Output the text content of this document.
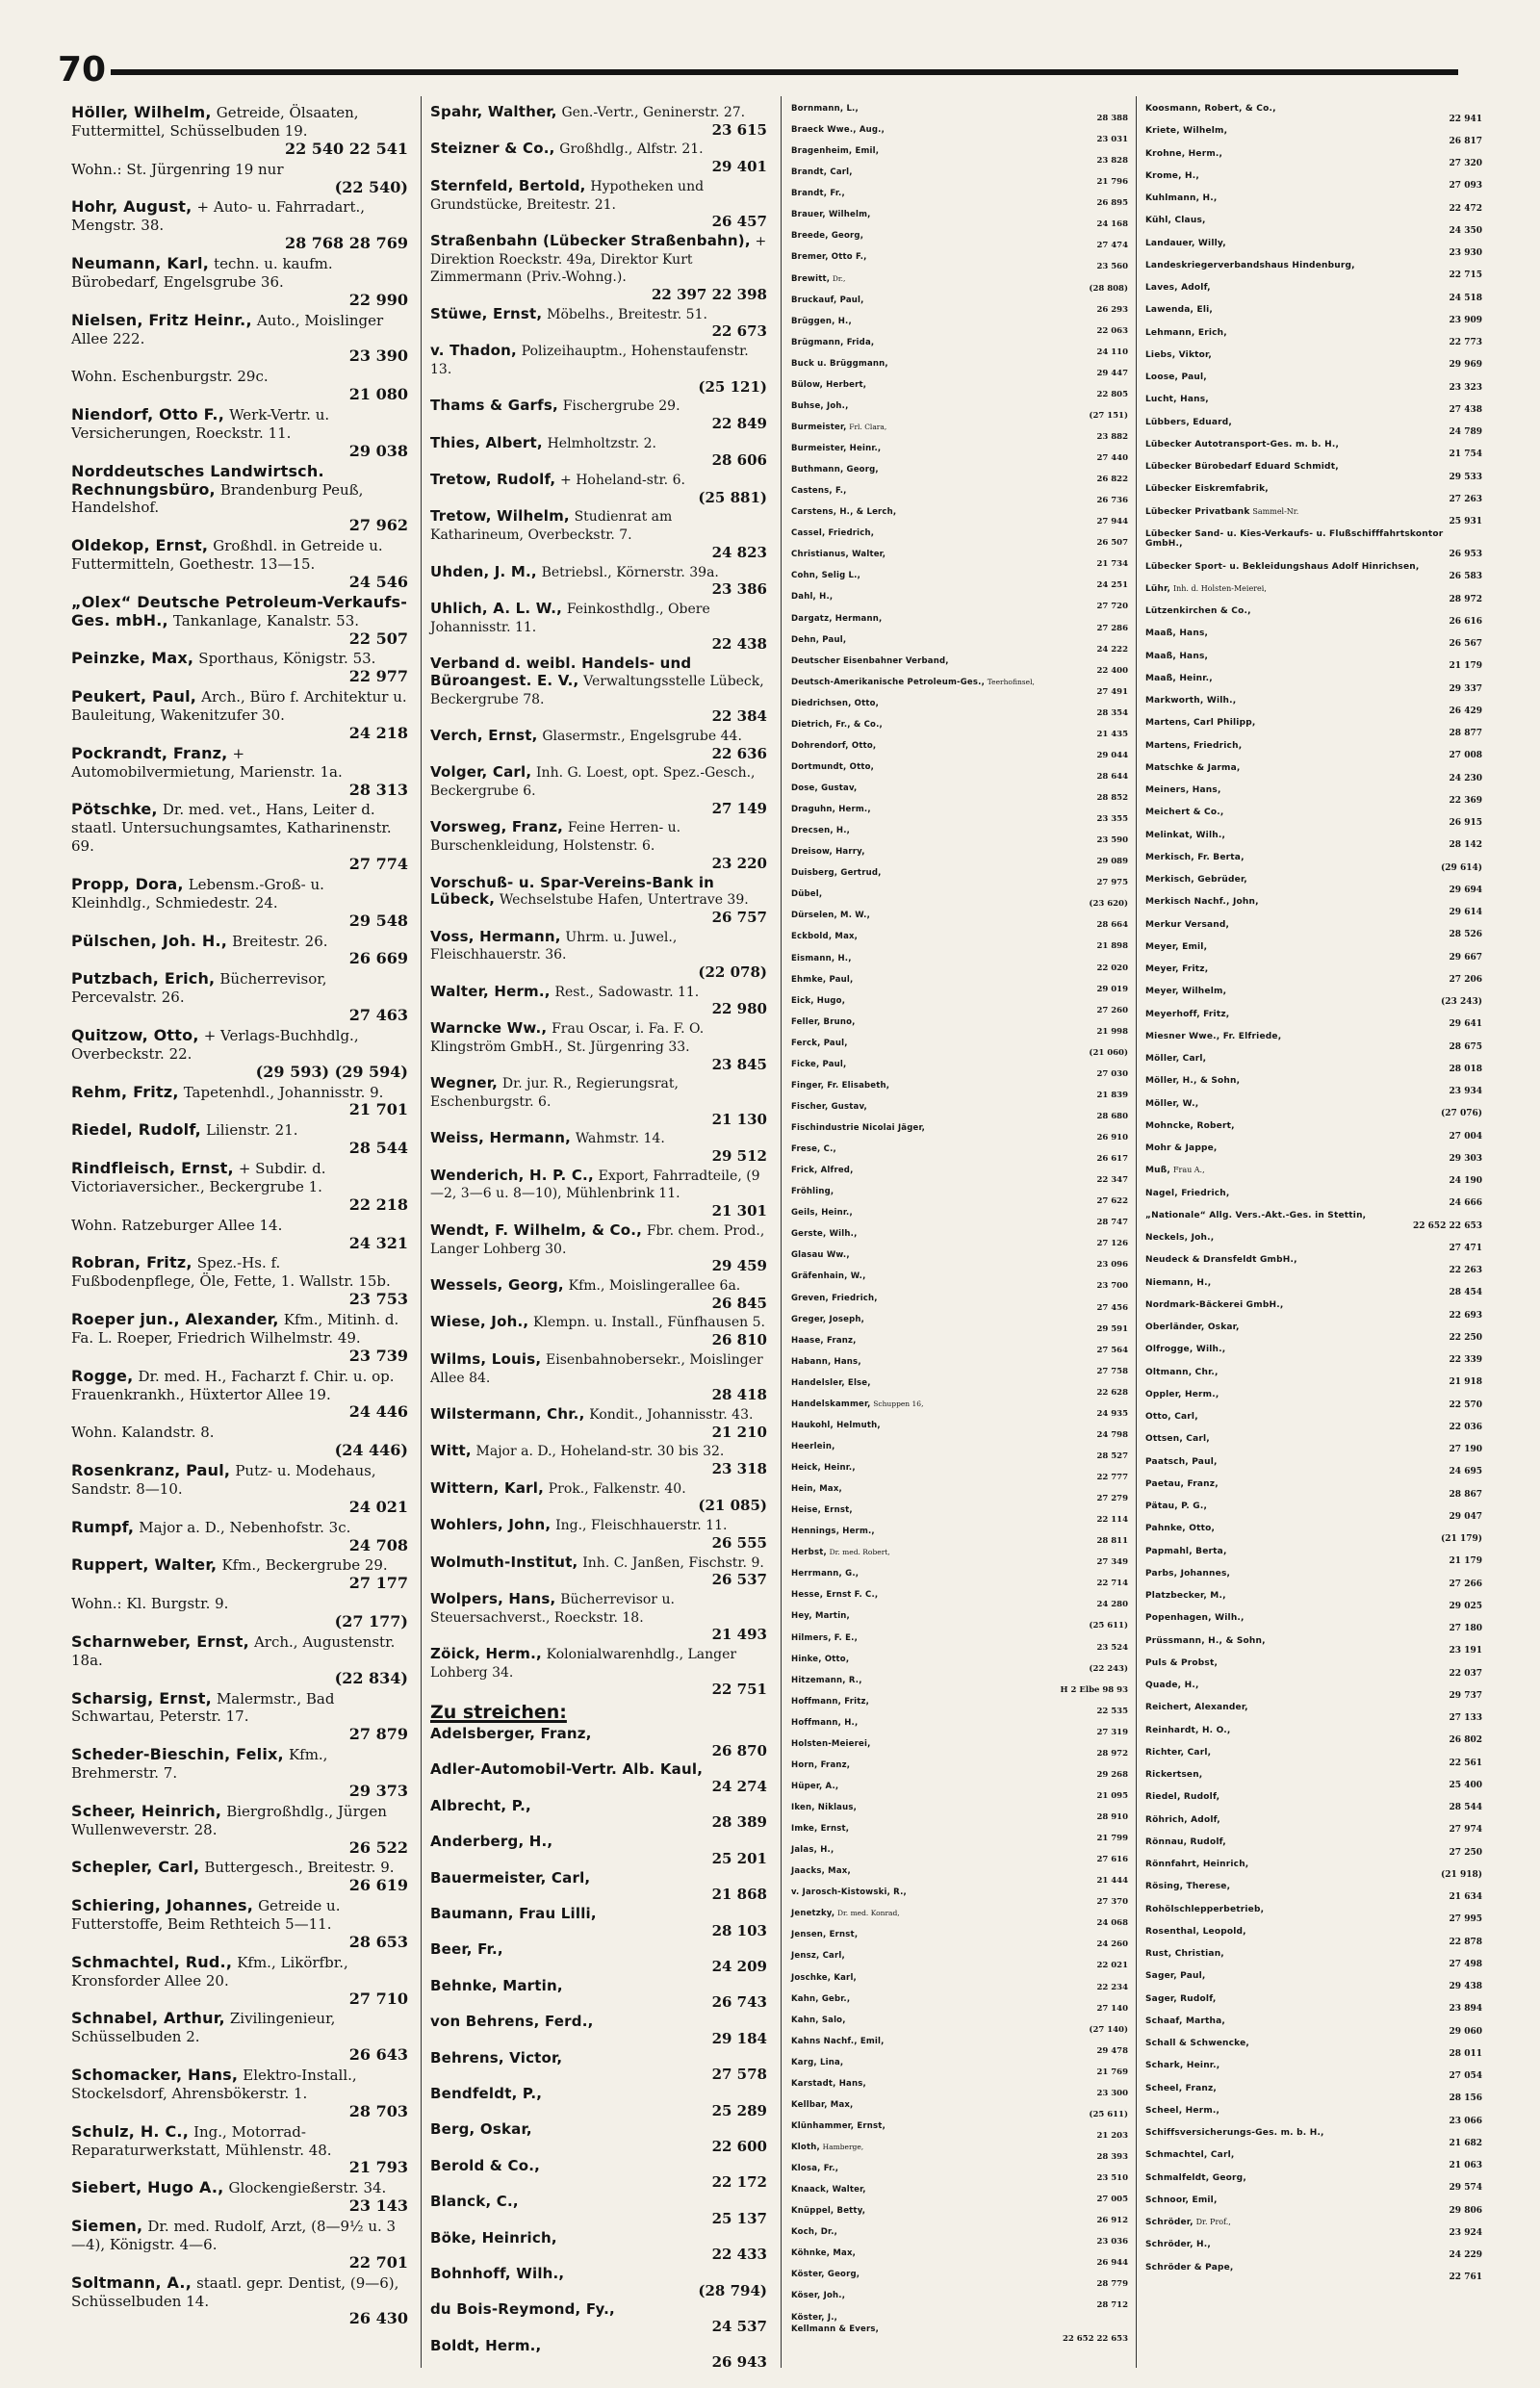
70
Höller, Wilhelm, Getreide, Ölsaaten, Futtermittel, Schüsselbuden 19.
22 540 22 541
Wohn.: St. Jürgenring 19 nur
(22 540)
Hohr, August, + Auto- u. Fahrradart., Mengstr. 38.
28 768 28 769
Neumann, Karl, techn. u. kaufm. Bürobedarf, Engelsgrube 36.
22 990
Nielsen, Fritz Heinr., Auto., Moislinger Allee 222.
23 390
Wohn. Eschenburgstr. 29c.
21 080
Niendorf, Otto F., Werk-Vertr. u. Versicherungen, Roeckstr. 11.
29 038
Norddeutsches Landwirtsch. Rechnungsbüro, Brandenburg Peuß, Handelshof.
27 962
Oldekop, Ernst, Großhdl. in Getreide u. Futtermitteln, Goethestr. 13—15.
24 546
„Olex“ Deutsche Petroleum-Verkaufs-Ges. mbH., Tankanlage, Kanalstr. 53.
22 507
Peinzke, Max, Sporthaus, Königstr. 53.
22 977
Peukert, Paul, Arch., Büro f. Architektur u. Bauleitung, Wakenitzufer 30.
24 218
Pockrandt, Franz, + Automobilvermietung, Marienstr. 1a.
28 313
Pötschke, Dr. med. vet., Hans, Leiter d. staatl. Untersuchungsamtes, Katharinenstr. 69.
27 774
Propp, Dora, Lebensm.-Groß- u. Kleinhdlg., Schmiedestr. 24.
29 548
Pülschen, Joh. H., Breitestr. 26.
26 669
Putzbach, Erich, Bücherrevisor, Percevalstr. 26.
27 463
Quitzow, Otto, + Verlags-Buchhdlg., Overbeckstr. 22.
(29 593) (29 594)
Rehm, Fritz, Tapetenhdl., Johannisstr. 9.
21 701
Riedel, Rudolf, Lilienstr. 21.
28 544
Rindfleisch, Ernst, + Subdir. d. Victoriaversicher., Beckergrube 1.
22 218
Wohn. Ratzeburger Allee 14.
24 321
Robran, Fritz, Spez.-Hs. f. Fußbodenpflege, Öle, Fette, 1. Wallstr. 15b.
23 753
Roeper jun., Alexander, Kfm., Mitinh. d. Fa. L. Roeper, Friedrich Wilhelmstr. 49.
23 739
Rogge, Dr. med. H., Facharzt f. Chir. u. op. Frauenkrankh., Hüxtertor Allee 19.
24 446
Wohn. Kalandstr. 8.
(24 446)
Rosenkranz, Paul, Putz- u. Modehaus, Sandstr. 8—10.
24 021
Rumpf, Major a. D., Nebenhofstr. 3c.
24 708
Ruppert, Walter, Kfm., Beckergrube 29.
27 177
Wohn.: Kl. Burgstr. 9.
(27 177)
Scharnweber, Ernst, Arch., Augustenstr. 18a.
(22 834)
Scharsig, Ernst, Malermstr., Bad Schwartau, Peterstr. 17.
27 879
Scheder-Bieschin, Felix, Kfm., Brehmerstr. 7.
29 373
Scheer, Heinrich, Biergroßhdlg., Jürgen Wullenweverstr. 28.
26 522
Schepler, Carl, Buttergesch., Breitestr. 9.
26 619
Schiering, Johannes, Getreide u. Futterstoffe, Beim Rethteich 5—11.
28 653
Schmachtel, Rud., Kfm., Likörfbr., Kronsforder Allee 20.
27 710
Schnabel, Arthur, Zivilingenieur, Schüsselbuden 2.
26 643
Schomacker, Hans, Elektro-Install., Stockelsdorf, Ahrensbökerstr. 1.
28 703
Schulz, H. C., Ing., Motorrad-Reparaturwerkstatt, Mühlenstr. 48.
21 793
Siebert, Hugo A., Glockengießerstr. 34.
23 143
Siemen, Dr. med. Rudolf, Arzt, (8—9½ u. 3—4), Königstr. 4—6.
22 701
Soltmann, A., staatl. gepr. Dentist, (9—6), Schüsselbuden 14.
26 430
Spahr, Walther, Gen.-Vertr., Geninerstr. 27.
23 615
Steizner & Co., Großhdlg., Alfstr. 21.
29 401
Sternfeld, Bertold, Hypotheken und Grundstücke, Breitestr. 21.
26 457
Straßenbahn (Lübecker Straßenbahn), + Direktion Roeckstr. 49a, Direktor Kurt Zimmermann (Priv.-Wohng.).
22 397 22 398
Stüwe, Ernst, Möbelhs., Breitestr. 51.
22 673
v. Thadon, Polizeihauptm., Hohenstaufenstr. 13.
(25 121)
Thams & Garfs, Fischergrube 29.
22 849
Thies, Albert, Helmholtzstr. 2.
28 606
Tretow, Rudolf, + Hoheland-str. 6.
(25 881)
Tretow, Wilhelm, Studienrat am Katharineum, Overbeckstr. 7.
24 823
Uhden, J. M., Betriebsl., Körnerstr. 39a.
23 386
Uhlich, A. L. W., Feinkosthdlg., Obere Johannisstr. 11.
22 438
Verband d. weibl. Handels- und Büroangest. E. V., Verwaltungsstelle Lübeck, Beckergrube 78.
22 384
Verch, Ernst, Glasermstr., Engelsgrube 44.
22 636
Volger, Carl, Inh. G. Loest, opt. Spez.-Gesch., Beckergrube 6.
27 149
Vorsweg, Franz, Feine Herren- u. Burschenkleidung, Holstenstr. 6.
23 220
Vorschuß- u. Spar-Vereins-Bank in Lübeck, Wechselstube Hafen, Untertrave 39.
26 757
Voss, Hermann, Uhrm. u. Juwel., Fleischhauerstr. 36.
(22 078)
Walter, Herm., Rest., Sadowastr. 11.
22 980
Warncke Ww., Frau Oscar, i. Fa. F. O. Klingström GmbH., St. Jürgenring 33.
23 845
Wegner, Dr. jur. R., Regierungsrat, Eschenburgstr. 6.
21 130
Weiss, Hermann, Wahmstr. 14.
29 512
Wenderich, H. P. C., Export, Fahrradteile, (9—2, 3—6 u. 8—10), Mühlenbrink 11.
21 301
Wendt, F. Wilhelm, & Co., Fbr. chem. Prod., Langer Lohberg 30.
29 459
Wessels, Georg, Kfm., Moislingerallee 6a.
26 845
Wiese, Joh., Klempn. u. Install., Fünfhausen 5.
26 810
Wilms, Louis, Eisenbahnobersekr., Moislinger Allee 84.
28 418
Wilstermann, Chr., Kondit., Johannisstr. 43.
21 210
Witt, Major a. D., Hoheland-str. 30 bis 32.
23 318
Wittern, Karl, Prok., Falkenstr. 40.
(21 085)
Wohlers, John, Ing., Fleischhauerstr. 11.
26 555
Wolmuth-Institut, Inh. C. Janßen, Fischstr. 9.
26 537
Wolpers, Hans, Bücherrevisor u. Steuersachverst., Roeckstr. 18.
21 493
Zöick, Herm., Kolonialwarenhdlg., Langer Lohberg 34.
22 751
Zu streichen:
Adelsberger, Franz,
26 870
Adler-Automobil-Vertr. Alb. Kaul,
24 274
Albrecht, P.,
28 389
Anderberg, H.,
25 201
Bauermeister, Carl,
21 868
Baumann, Frau Lilli,
28 103
Beer, Fr.,
24 209
Behnke, Martin,
26 743
von Behrens, Ferd.,
29 184
Behrens, Victor,
27 578
Bendfeldt, P.,
25 289
Berg, Oskar,
22 600
Berold & Co.,
22 172
Blanck, C.,
25 137
Böke, Heinrich,
22 433
Bohnhoff, Wilh.,
(28 794)
du Bois-Reymond, Fy.,
24 537
Boldt, Herm.,
26 943
Bornmann, L.,
28 388
Braeck Wwe., Aug.,
23 031
Bragenheim, Emil,
23 828
Brandt, Carl,
21 796
Brandt, Fr.,
26 895
Brauer, Wilhelm,
24 168
Breede, Georg,
27 474
Bremer, Otto F.,
23 560
Brewitt, Dr.,
(28 808)
Bruckauf, Paul,
26 293
Brüggen, H.,
22 063
Brügmann, Frida,
24 110
Buck u. Brüggmann,
29 447
Bülow, Herbert,
22 805
Buhse, Joh.,
(27 151)
Burmeister, Frl. Clara,
23 882
Burmeister, Heinr.,
27 440
Buthmann, Georg,
26 822
Castens, F.,
26 736
Carstens, H., & Lerch,
27 944
Cassel, Friedrich,
26 507
Christianus, Walter,
21 734
Cohn, Selig L.,
24 251
Dahl, H.,
27 720
Dargatz, Hermann,
27 286
Dehn, Paul,
24 222
Deutscher Eisenbahner Verband,
22 400
Deutsch-Amerikanische Petroleum-Ges., Teerhofinsel,
27 491
Diedrichsen, Otto,
28 354
Dietrich, Fr., & Co.,
21 435
Dohrendorf, Otto,
29 044
Dortmundt, Otto,
28 644
Dose, Gustav,
28 852
Draguhn, Herm.,
23 355
Drecsen, H.,
23 590
Dreisow, Harry,
29 089
Duisberg, Gertrud,
27 975
Dübel,
(23 620)
Dürselen, M. W.,
28 664
Eckbold, Max,
21 898
Eismann, H.,
22 020
Ehmke, Paul,
29 019
Eick, Hugo,
27 260
Feller, Bruno,
21 998
Ferck, Paul,
(21 060)
Ficke, Paul,
27 030
Finger, Fr. Elisabeth,
21 839
Fischer, Gustav,
28 680
Fischindustrie Nicolai Jäger,
26 910
Frese, C.,
26 617
Frick, Alfred,
22 347
Fröhling,
27 622
Geils, Heinr.,
28 747
Gerste, Wilh.,
27 126
Glasau Ww.,
23 096
Gräfenhain, W.,
23 700
Greven, Friedrich,
27 456
Greger, Joseph,
29 591
Haase, Franz,
27 564
Habann, Hans,
27 758
Handelsler, Else,
22 628
Handelskammer, Schuppen 16,
24 935
Haukohl, Helmuth,
24 798
Heerlein,
28 527
Heick, Heinr.,
22 777
Hein, Max,
27 279
Heise, Ernst,
22 114
Hennings, Herm.,
28 811
Herbst, Dr. med. Robert,
27 349
Herrmann, G.,
22 714
Hesse, Ernst F. C.,
24 280
Hey, Martin,
(25 611)
Hilmers, F. E.,
23 524
Hinke, Otto,
(22 243)
Hitzemann, R.,
H 2 Elbe 98 93
Hoffmann, Fritz,
22 535
Hoffmann, H.,
27 319
Holsten-Meierei,
28 972
Horn, Franz,
29 268
Hüper, A.,
21 095
Iken, Niklaus,
28 910
Imke, Ernst,
21 799
Jalas, H.,
27 616
Jaacks, Max,
21 444
v. Jarosch-Kistowski, R.,
27 370
Jenetzky, Dr. med. Konrad,
24 068
Jensen, Ernst,
24 260
Jensz, Carl,
22 021
Joschke, Karl,
22 234
Kahn, Gebr.,
27 140
Kahn, Salo,
(27 140)
Kahns Nachf., Emil,
29 478
Karg, Lina,
21 769
Karstadt, Hans,
23 300
Kellbar, Max,
(25 611)
Klünhammer, Ernst,
21 203
Kloth, Hamberge,
28 393
Klosa, Fr.,
23 510
Knaack, Walter,
27 005
Knüppel, Betty,
26 912
Koch, Dr.,
23 036
Köhnke, Max,
26 944
Köster, Georg,
28 779
Köser, Joh.,
28 712
Köster, J.,
Kellmann & Evers,
22 652 22 653
Koosmann, Robert, & Co.,
22 941
Kriete, Wilhelm,
26 817
Krohne, Herm.,
27 320
Krome, H.,
27 093
Kuhlmann, H.,
22 472
Kühl, Claus,
24 350
Landauer, Willy,
23 930
Landeskriegerverbandshaus Hindenburg,
22 715
Laves, Adolf,
24 518
Lawenda, Eli,
23 909
Lehmann, Erich,
22 773
Liebs, Viktor,
29 969
Loose, Paul,
23 323
Lucht, Hans,
27 438
Lübbers, Eduard,
24 789
Lübecker Autotransport-Ges. m. b. H.,
21 754
Lübecker Bürobedarf Eduard Schmidt,
29 533
Lübecker Eiskremfabrik,
27 263
Lübecker Privatbank Sammel-Nr.
25 931
Lübecker Sand- u. Kies-Verkaufs- u. Flußschifffahrtskontor GmbH.,
26 953
Lübecker Sport- u. Bekleidungshaus Adolf Hinrichsen,
26 583
Lühr, Inh. d. Holsten-Meierei,
28 972
Lützenkirchen & Co.,
26 616
Maaß, Hans,
26 567
Maaß, Hans,
21 179
Maaß, Heinr.,
29 337
Markworth, Wilh.,
26 429
Martens, Carl Philipp,
28 877
Martens, Friedrich,
27 008
Matschke & Jarma,
24 230
Meiners, Hans,
22 369
Meichert & Co.,
26 915
Melinkat, Wilh.,
28 142
Merkisch, Fr. Berta,
(29 614)
Merkisch, Gebrüder,
29 694
Merkisch Nachf., John,
29 614
Merkur Versand,
28 526
Meyer, Emil,
29 667
Meyer, Fritz,
27 206
Meyer, Wilhelm,
(23 243)
Meyerhoff, Fritz,
29 641
Miesner Wwe., Fr. Elfriede,
28 675
Möller, Carl,
28 018
Möller, H., & Sohn,
23 934
Möller, W.,
(27 076)
Mohncke, Robert,
27 004
Mohr & Jappe,
29 303
Muß, Frau A.,
24 190
Nagel, Friedrich,
24 666
„Nationale“ Allg. Vers.-Akt.-Ges. in Stettin,
22 652 22 653
Neckels, Joh.,
27 471
Neudeck & Dransfeldt GmbH.,
22 263
Niemann, H.,
28 454
Nordmark-Bäckerei GmbH.,
22 693
Oberländer, Oskar,
22 250
Olfrogge, Wilh.,
22 339
Oltmann, Chr.,
21 918
Oppler, Herm.,
22 570
Otto, Carl,
22 036
Ottsen, Carl,
27 190
Paatsch, Paul,
24 695
Paetau, Franz,
28 867
Pätau, P. G.,
29 047
Pahnke, Otto,
(21 179)
Papmahl, Berta,
21 179
Parbs, Johannes,
27 266
Platzbecker, M.,
29 025
Popenhagen, Wilh.,
27 180
Prüssmann, H., & Sohn,
23 191
Puls & Probst,
22 037
Quade, H.,
29 737
Reichert, Alexander,
27 133
Reinhardt, H. O.,
26 802
Richter, Carl,
22 561
Rickertsen,
25 400
Riedel, Rudolf,
28 544
Röhrich, Adolf,
27 974
Rönnau, Rudolf,
27 250
Rönnfahrt, Heinrich,
(21 918)
Rösing, Therese,
21 634
Rohölschlepperbetrieb,
27 995
Rosenthal, Leopold,
22 878
Rust, Christian,
27 498
Sager, Paul,
29 438
Sager, Rudolf,
23 894
Schaaf, Martha,
29 060
Schall & Schwencke,
28 011
Schark, Heinr.,
27 054
Scheel, Franz,
28 156
Scheel, Herm.,
23 066
Schiffsversicherungs-Ges. m. b. H.,
21 682
Schmachtel, Carl,
21 063
Schmalfeldt, Georg,
29 574
Schnoor, Emil,
29 806
Schröder, Dr. Prof.,
23 924
Schröder, H.,
24 229
Schröder & Pape,
22 761
